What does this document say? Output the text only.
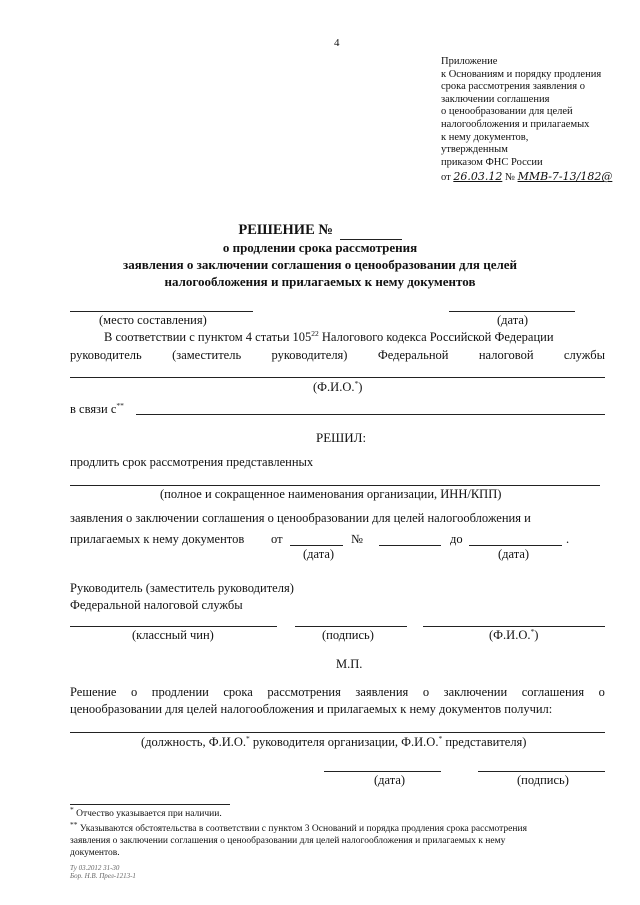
4
Приложение
к Основаниям и порядку продления
срока рассмотрения заявления о
заключении соглашения
о ценообразовании для целей
налогообложения и прилагаемых
к нему документов,
утвержденным
приказом ФНС России
от 26.03.12 № ММВ-7-13/182@
РЕШЕНИЕ №
о продлении срока рассмотрения
заявления о заключении соглашения о ценообразовании для целей
налогообложения и прилагаемых к нему документов
(место составления)	(дата)
В соответствии с пунктом 4 статьи $105^{22}$ Налогового кодекса Российской Федерации
руководитель (заместитель руководителя) Федеральной налоговой службы
(Ф.И.О.*)
в связи с**
РЕШИЛ:
продлить срок рассмотрения представленных
(полное и сокращенное наименования организации, ИНН/КПП)
заявления о заключении соглашения о ценообразовании для целей налогообложения и
прилагаемых к нему документов от	№	до	.
(дата)	(дата)
Руководитель (заместитель руководителя)
Федеральной налоговой службы
(классный чин)	(подпись)	(Ф.И.О.*)
М.П.
Решение о продлении срока рассмотрения заявления о заключении соглашения о
ценообразовании для целей налогообложения и прилагаемых к нему документов получил:
(должность, Ф.И.О.* руководителя организации, Ф.И.О.* представителя)
(дата)	(подпись)
* Отчество указывается при наличии.
** Указываются обстоятельства в соответствии с пунктом 3 Оснований и порядка продления срока рассмотрения
заявления о заключении соглашения о ценообразовании для целей налогообложения и прилагаемых к нему
документов.
Ту 03.2012 31-30
Бор. Н.В. Прел-1213-1
